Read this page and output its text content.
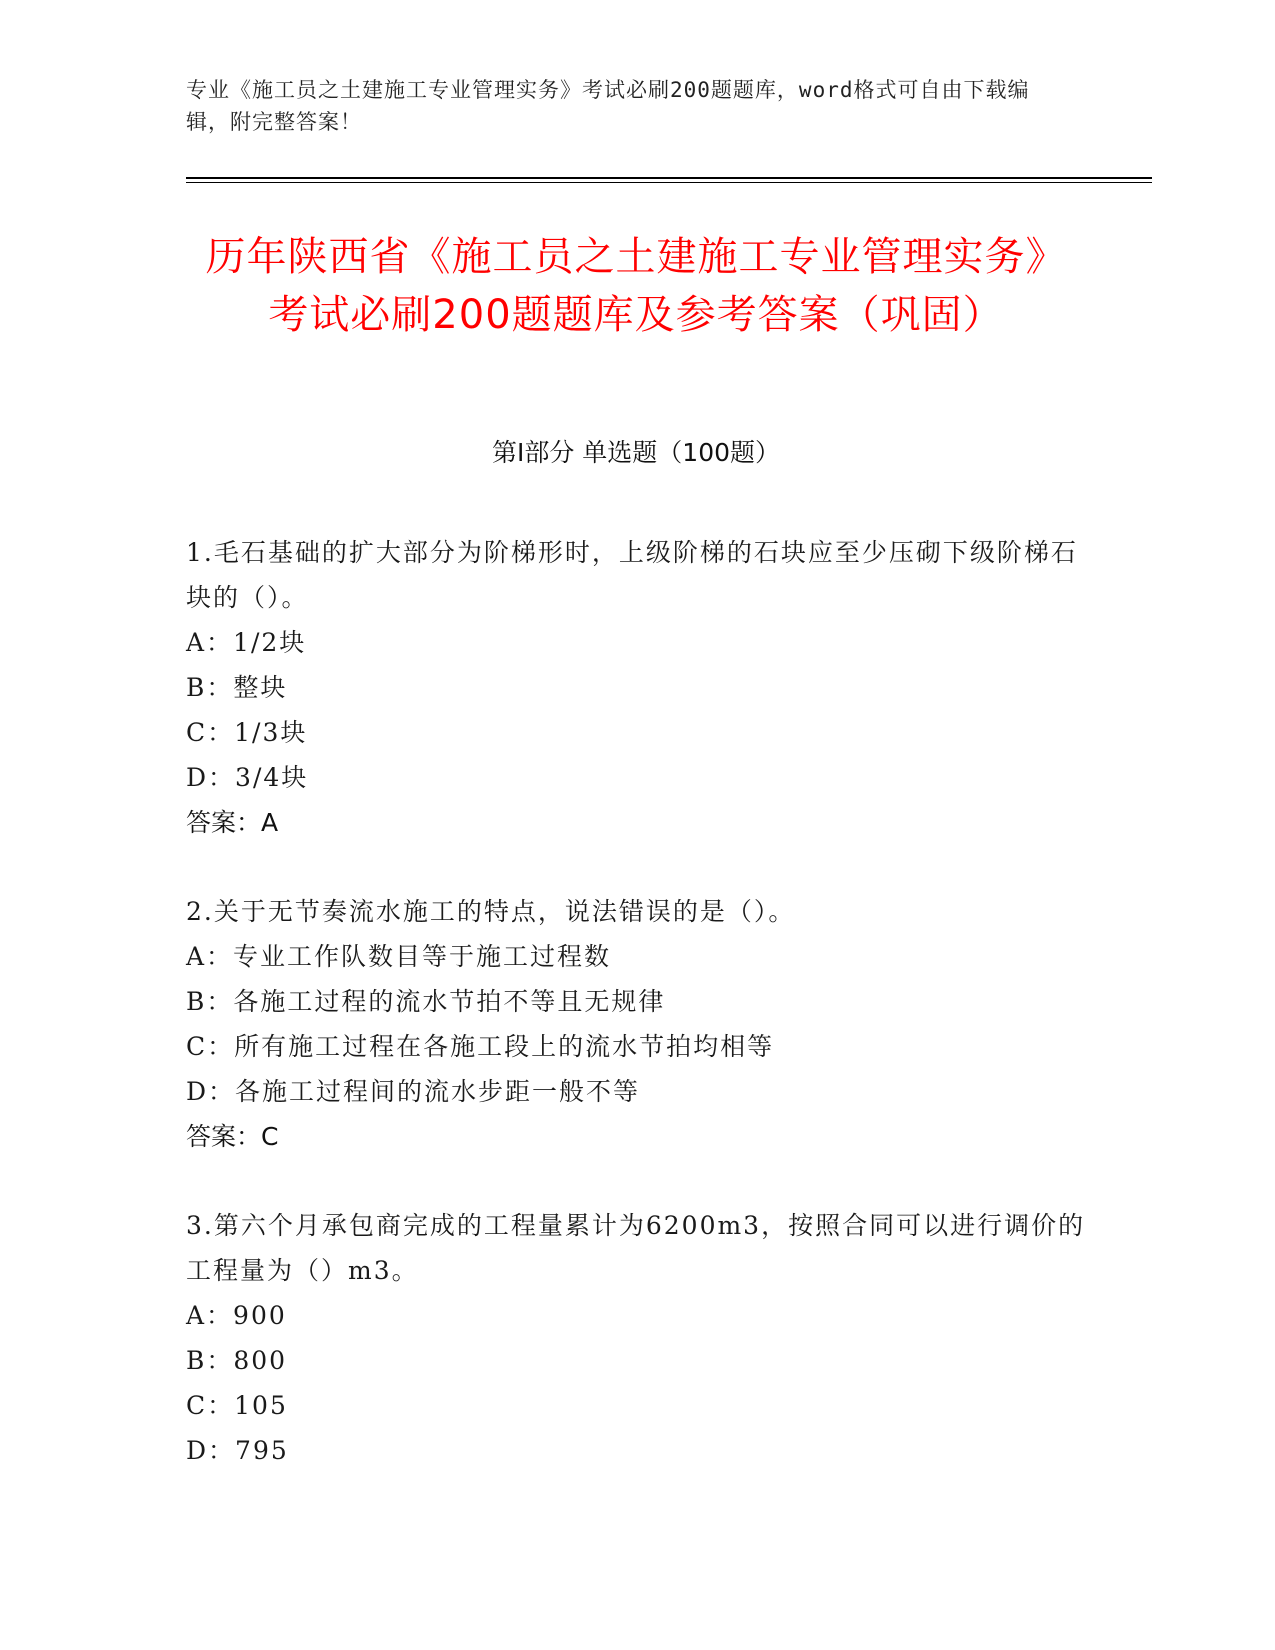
专业《施工员之土建施工专业管理实务》考试必刷200题题库，word格式可自由下载编辑，附完整答案！
历年陕西省《施工员之土建施工专业管理实务》考试必刷200题题库及参考答案（巩固）
第I部分 单选题（100题）
1.毛石基础的扩大部分为阶梯形时，上级阶梯的石块应至少压砌下级阶梯石块的（）。
A：1/2块
B：整块
C：1/3块
D：3/4块
答案：A
2.关于无节奏流水施工的特点，说法错误的是（）。
A：专业工作队数目等于施工过程数
B：各施工过程的流水节拍不等且无规律
C：所有施工过程在各施工段上的流水节拍均相等
D：各施工过程间的流水步距一般不等
答案：C
3.第六个月承包商完成的工程量累计为6200m3，按照合同可以进行调价的工程量为（）m3。
A：900
B：800
C：105
D：795
